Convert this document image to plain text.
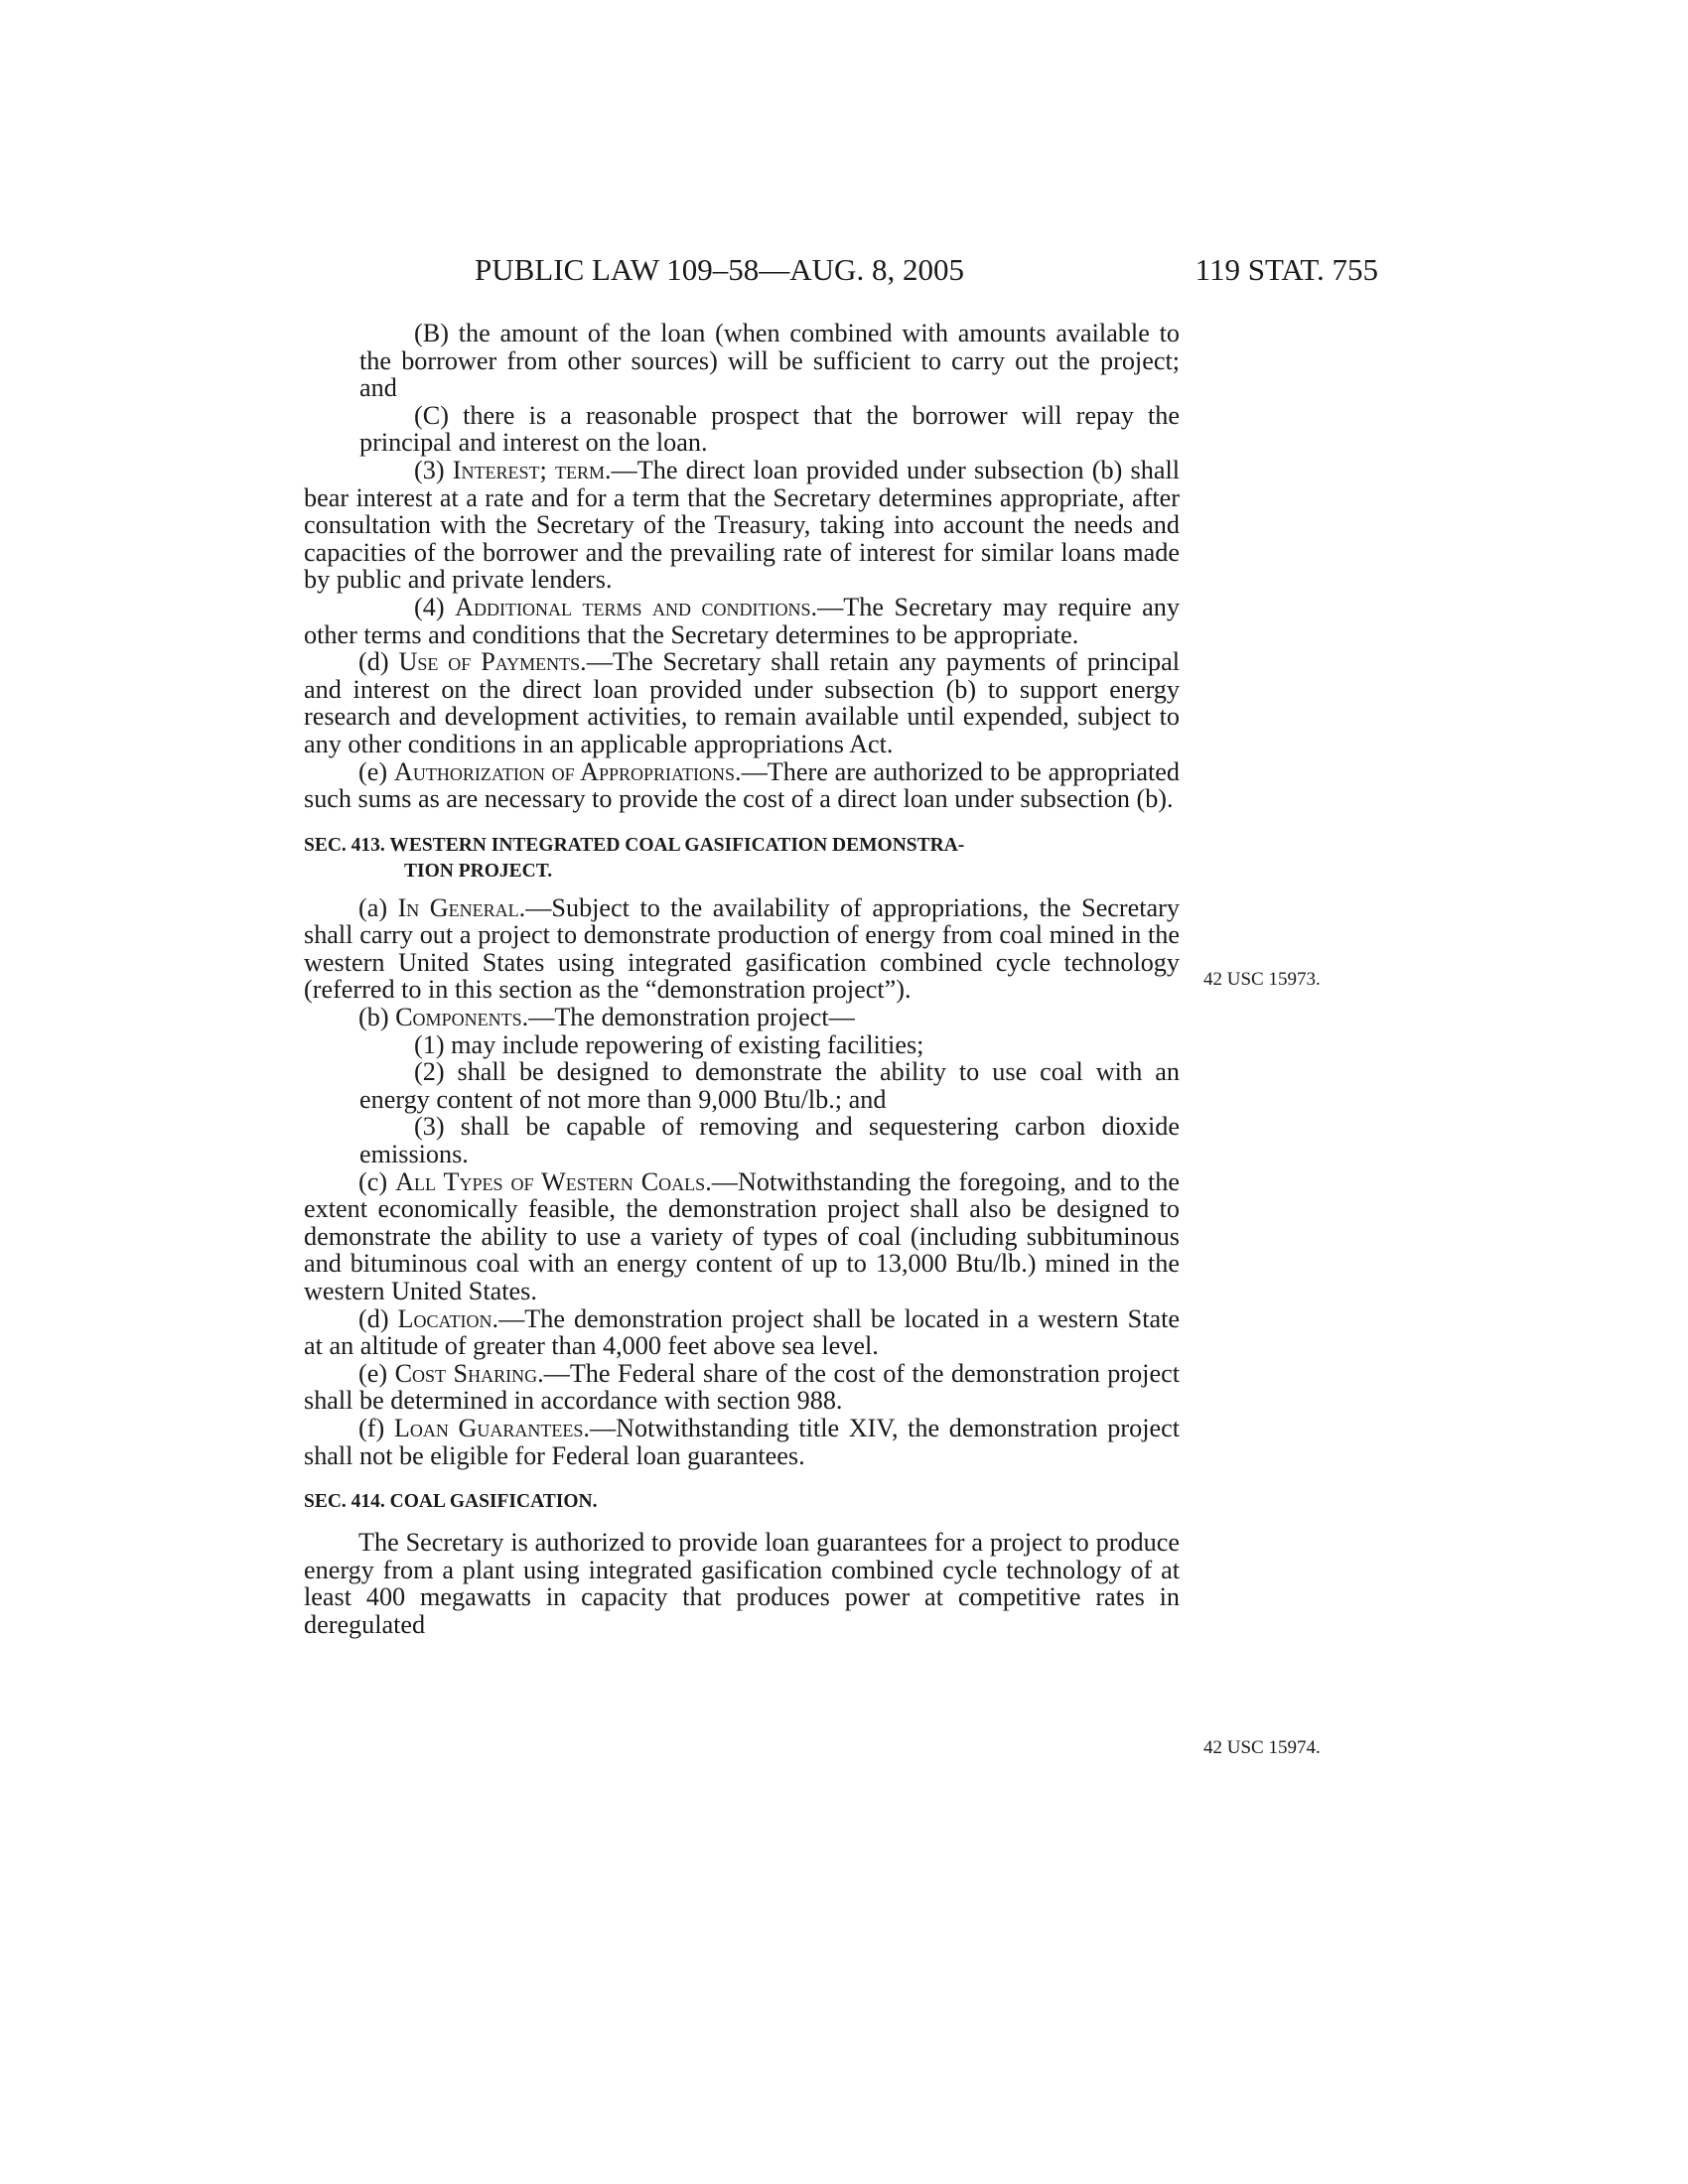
PUBLIC LAW 109–58—AUG. 8, 2005	119 STAT. 755
42 USC 15973.
42 USC 15974.

(B) the amount of the loan (when combined with amounts available to the borrower from other sources) will be sufficient to carry out the project; and

(C) there is a reasonable prospect that the borrower will repay the principal and interest on the loan.

(3) Interest; term.—The direct loan provided under subsection (b) shall bear interest at a rate and for a term that the Secretary determines appropriate, after consultation with the Secretary of the Treasury, taking into account the needs and capacities of the borrower and the prevailing rate of interest for similar loans made by public and private lenders.

(4) Additional terms and conditions.—The Secretary may require any other terms and conditions that the Secretary determines to be appropriate.

(d) Use of Payments.—The Secretary shall retain any payments of principal and interest on the direct loan provided under subsection (b) to support energy research and development activities, to remain available until expended, subject to any other conditions in an applicable appropriations Act.

(e) Authorization of Appropriations.—There are authorized to be appropriated such sums as are necessary to provide the cost of a direct loan under subsection (b).

SEC. 413. WESTERN INTEGRATED COAL GASIFICATION DEMONSTRA-
TION PROJECT.

(a) In General.—Subject to the availability of appropriations, the Secretary shall carry out a project to demonstrate production of energy from coal mined in the western United States using integrated gasification combined cycle technology (referred to in this section as the “demonstration project”).

(b) Components.—The demonstration project—

(1) may include repowering of existing facilities;

(2) shall be designed to demonstrate the ability to use coal with an energy content of not more than 9,000 Btu/lb.; and

(3) shall be capable of removing and sequestering carbon dioxide emissions.

(c) All Types of Western Coals.—Notwithstanding the foregoing, and to the extent economically feasible, the demonstration project shall also be designed to demonstrate the ability to use a variety of types of coal (including subbituminous and bituminous coal with an energy content of up to 13,000 Btu/lb.) mined in the western United States.

(d) Location.—The demonstration project shall be located in a western State at an altitude of greater than 4,000 feet above sea level.

(e) Cost Sharing.—The Federal share of the cost of the demonstration project shall be determined in accordance with section 988.

(f) Loan Guarantees.—Notwithstanding title XIV, the demonstration project shall not be eligible for Federal loan guarantees.

SEC. 414. COAL GASIFICATION.

The Secretary is authorized to provide loan guarantees for a project to produce energy from a plant using integrated gasification combined cycle technology of at least 400 megawatts in capacity that produces power at competitive rates in deregulated
